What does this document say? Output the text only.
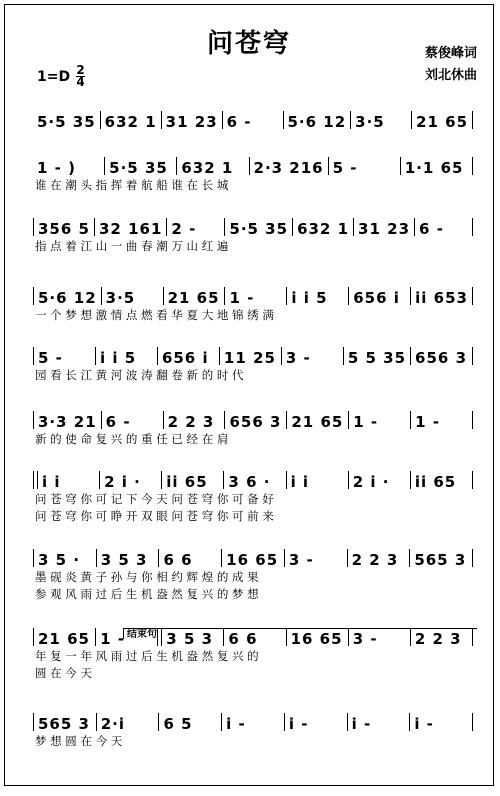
问苍穹
1=D 2
4
蔡俊峰词
刘北休曲
结束句
5·5 35 632 1 31 23 6 -	5·6 12 3·5	21 65
1 - )	5·5 35 632 1	2·3 216 5 -	1·1 65
谁 在 潮 头 指 挥 着 航 船 谁 在 长 城
356 5 32 161 2 -	5·5 35 632 1 31 23 6 -
指 点 着 江 山 一 曲 春 潮 万 山 红 遍
5·6 12 3·5	21 65 1 -	i i 5	656 i	ii 653
一 个 梦 想 激 情 点 燃 看 华 夏 大 地 锦 绣 满
5 -	i i 5	656 i	11 25 3 -	5 5 35 656 3
园 看 长 江 黄 河 波 涛 翻 卷 新 的 时 代
3·3 21 6 -	2 2 3	656 3 21 65 1 -	1 -
新 的 使 命 复 兴 的 重 任 已 经 在 肩
i i	2 i ·	ii 65	3 6 ·	i i	2 i ·	ii 65
问 苍 穹 你 可 记 下 今 天 问 苍 穹 你 可 备 好
问 苍 穹 你 可 睁 开 双 眼 问 苍 穹 你 可 前 来
3 5 ·	3 5 3	6 6	16 65 3 -	2 2 3	565 3
墨 砚 炎 黄 子 孙 与 你 相 约 辉 煌 的 成 果
参 观 风 雨 过 后 生 机 盎 然 复 兴 的 梦 想
21 65 1 -	3 5 3	6 6	16 65 3 -	2 2 3
年 复 一 年 风 雨 过 后 生 机 盎 然 复 兴 的
圆 在 今 天
565 3 2·i	6 5	i -	i -	i -	i -
梦 想 圆 在 今 天
